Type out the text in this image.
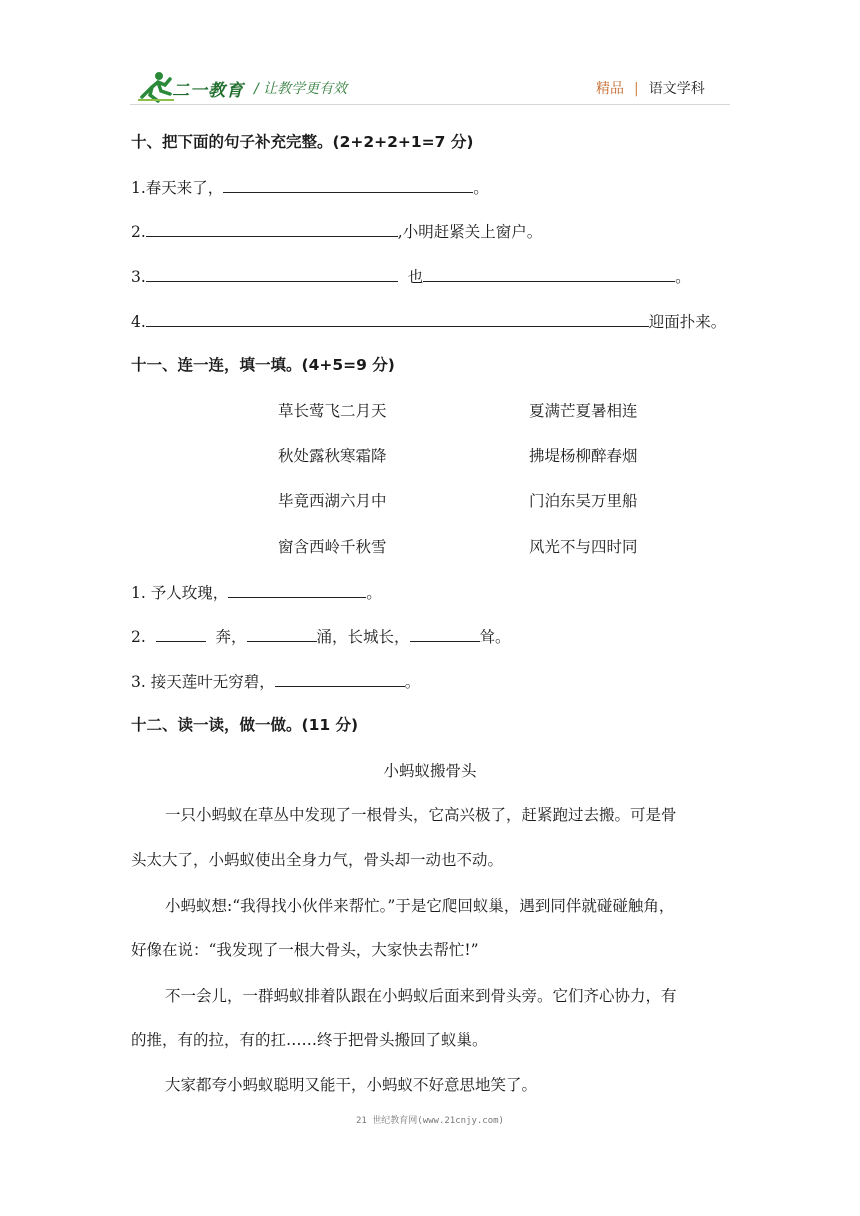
二一教育 / 让教学更有效	精品 | 语文学科
十、把下面的句子补充完整。(2+2+2+1=7 分)
1.春天来了，	。
2.	,小明赶紧关上窗户。
3.	也	。
4.	迎面扑来。
十一、连一连，填一填。(4+5=9 分)
草长莺飞二月天	夏满芒夏暑相连
秋处露秋寒霜降	拂堤杨柳醉春烟
毕竟西湖六月中	门泊东吴万里船
窗含西岭千秋雪	风光不与四时同
1. 予人玫瑰，	。
2.	奔，	涌，长城长，	耸。
3. 接天莲叶无穷碧，	。
十二、读一读，做一做。(11 分)
小蚂蚁搬骨头
一只小蚂蚁在草丛中发现了一根骨头，它高兴极了，赶紧跑过去搬。可是骨
头太大了，小蚂蚁使出全身力气，骨头却一动也不动。
小蚂蚁想:“我得找小伙伴来帮忙。”于是它爬回蚁巢，遇到同伴就碰碰触角，
好像在说：“我发现了一根大骨头，大家快去帮忙!”
不一会儿，一群蚂蚁排着队跟在小蚂蚁后面来到骨头旁。它们齐心协力，有
的推，有的拉，有的扛……终于把骨头搬回了蚁巢。
大家都夸小蚂蚁聪明又能干，小蚂蚁不好意思地笑了。
21 世纪教育网(www.21cnjy.com)
